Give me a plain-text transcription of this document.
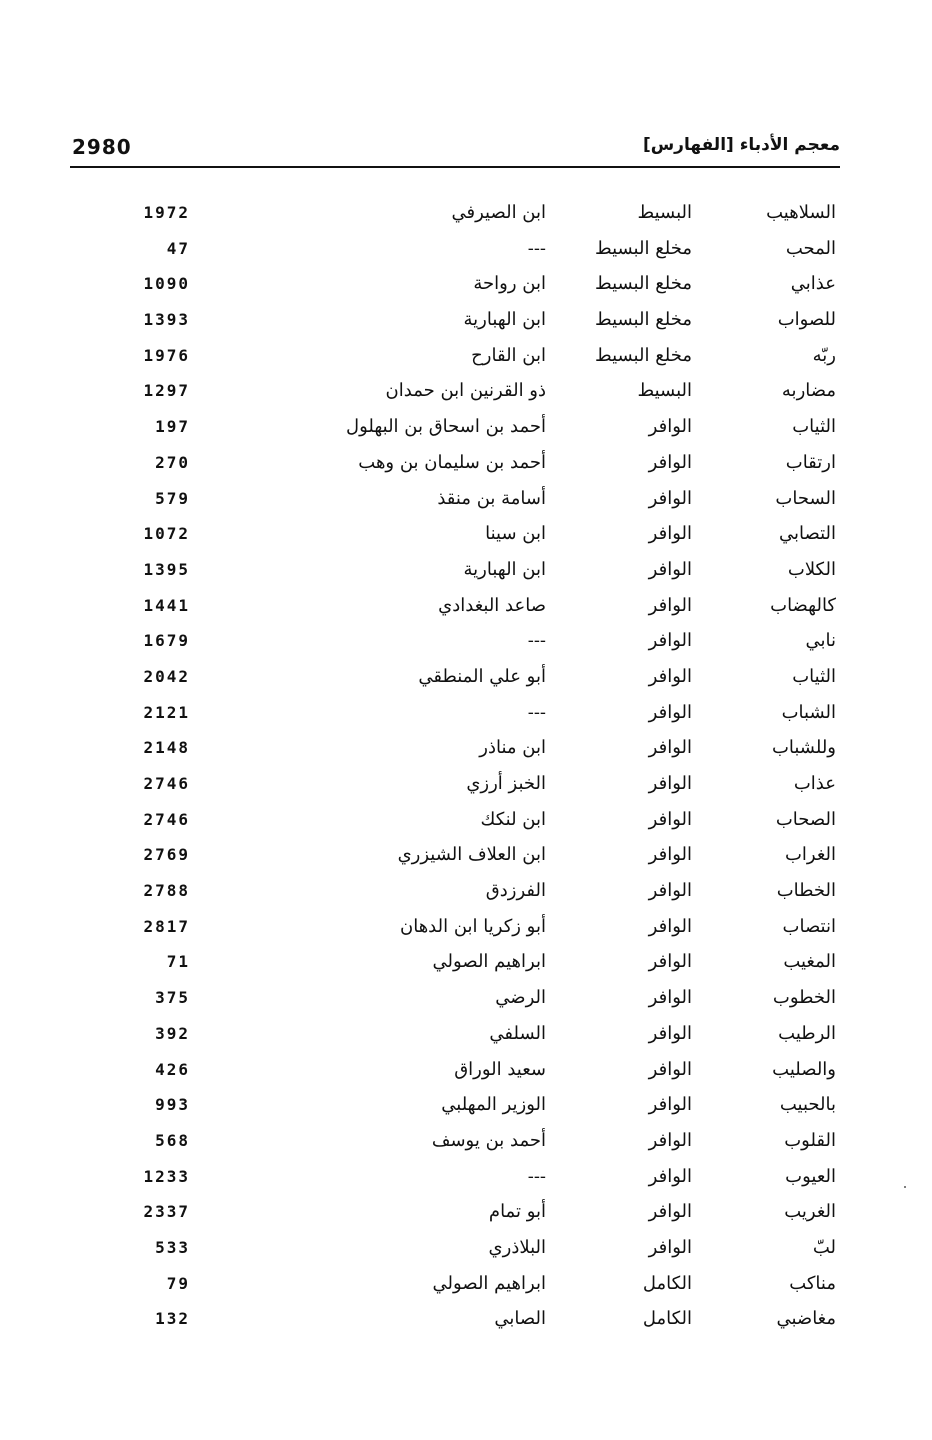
2980	معجم الأدباء [الفهارس]
السلاهيب
البسيط
ابن الصيرفي
1972
المحب
مخلع البسيط
---
47
عذابي
مخلع البسيط
ابن رواحة
1090
للصواب
مخلع البسيط
ابن الهبارية
1393
ربّه
مخلع البسيط
ابن القارح
1976
مضاربه
البسيط
ذو القرنين ابن حمدان
1297
الثياب
الوافر
أحمد بن اسحاق بن البهلول
197
ارتقاب
الوافر
أحمد بن سليمان بن وهب
270
السحاب
الوافر
أسامة بن منقذ
579
التصابي
الوافر
ابن سينا
1072
الكلاب
الوافر
ابن الهبارية
1395
كالهضاب
الوافر
صاعد البغدادي
1441
نابي
الوافر
---
1679
الثياب
الوافر
أبو علي المنطقي
2042
الشباب
الوافر
---
2121
وللشباب
الوافر
ابن مناذر
2148
عذاب
الوافر
الخبز أرزي
2746
الصحاب
الوافر
ابن لنكك
2746
الغراب
الوافر
ابن العلاف الشيزري
2769
الخطاب
الوافر
الفرزدق
2788
انتصاب
الوافر
أبو زكريا ابن الدهان
2817
المغيب
الوافر
ابراهيم الصولي
71
الخطوب
الوافر
الرضي
375
الرطيب
الوافر
السلفي
392
والصليب
الوافر
سعيد الوراق
426
بالحبيب
الوافر
الوزير المهلبي
993
القلوب
الوافر
أحمد بن يوسف
568
العيوب
الوافر
---
1233
الغريب
الوافر
أبو تمام
2337
لبّ
الوافر
البلاذري
533
مناكب
الكامل
ابراهيم الصولي
79
مغاضبي
الكامل
الصابي
132
